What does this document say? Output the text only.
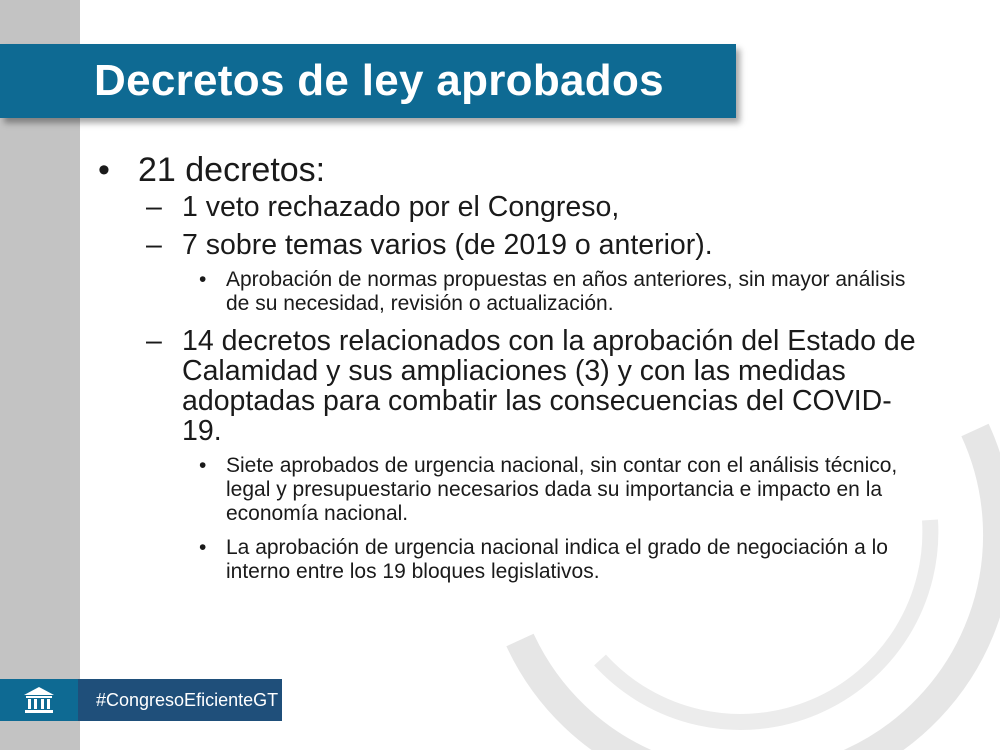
Decretos de ley aprobados
• 21 decretos:
– 1 veto rechazado por el Congreso,
– 7 sobre temas varios (de 2019 o anterior).
• Aprobación de normas propuestas en años anteriores, sin mayor análisis de su necesidad, revisión o actualización.
– 14 decretos relacionados con la aprobación del Estado de Calamidad y sus ampliaciones (3) y con las medidas adoptadas para combatir las consecuencias del COVID-19.
• Siete aprobados de urgencia nacional, sin contar con el análisis técnico, legal y presupuestario necesarios dada su importancia e impacto en la economía nacional.
• La aprobación de urgencia nacional indica el grado de negociación a lo interno entre los 19 bloques legislativos.
#CongresoEficienteGT
